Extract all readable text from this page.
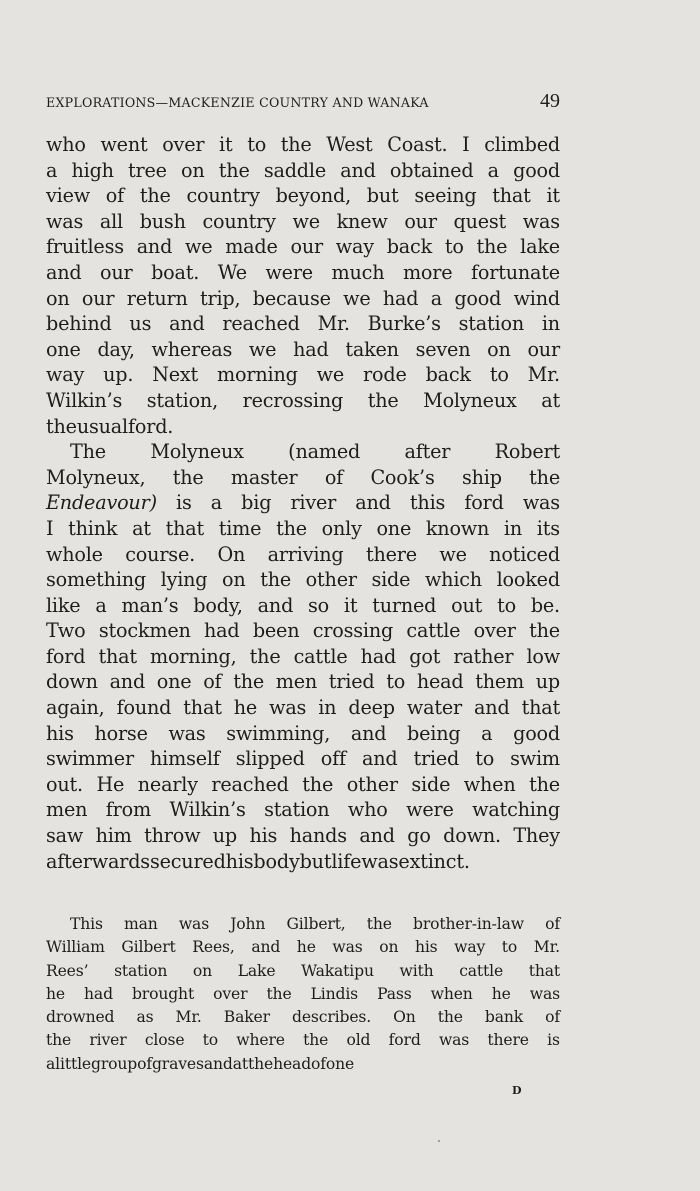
EXPLORATIONS—MACKENZIE COUNTRY AND WANAKA	49
who went over it to the West Coast. I climbed
a high tree on the saddle and obtained a good
view of the country beyond, but seeing that it
was all bush country we knew our quest was
fruitless and we made our way back to the lake
and our boat. We were much more fortunate
on our return trip, because we had a good wind
behind us and reached Mr. Burke’s station in
one day, whereas we had taken seven on our
way up. Next morning we rode back to Mr.
Wilkin’s station, recrossing the Molyneux at
the usual ford.
The Molyneux (named after Robert
Molyneux, the master of Cook’s ship the
Endeavour) is a big river and this ford was
I think at that time the only one known in its
whole course. On arriving there we noticed
something lying on the other side which looked
like a man’s body, and so it turned out to be.
Two stockmen had been crossing cattle over the
ford that morning, the cattle had got rather low
down and one of the men tried to head them up
again, found that he was in deep water and that
his horse was swimming, and being a good
swimmer himself slipped off and tried to swim
out. He nearly reached the other side when the
men from Wilkin’s station who were watching
saw him throw up his hands and go down. They
afterwards secured his body but life was extinct.
This man was John Gilbert, the brother-in-law of
William Gilbert Rees, and he was on his way to Mr.
Rees’ station on Lake Wakatipu with cattle that
he had brought over the Lindis Pass when he was
drowned as Mr. Baker describes. On the bank of
the river close to where the old ford was there is
a little group of graves and at the head of one
D
